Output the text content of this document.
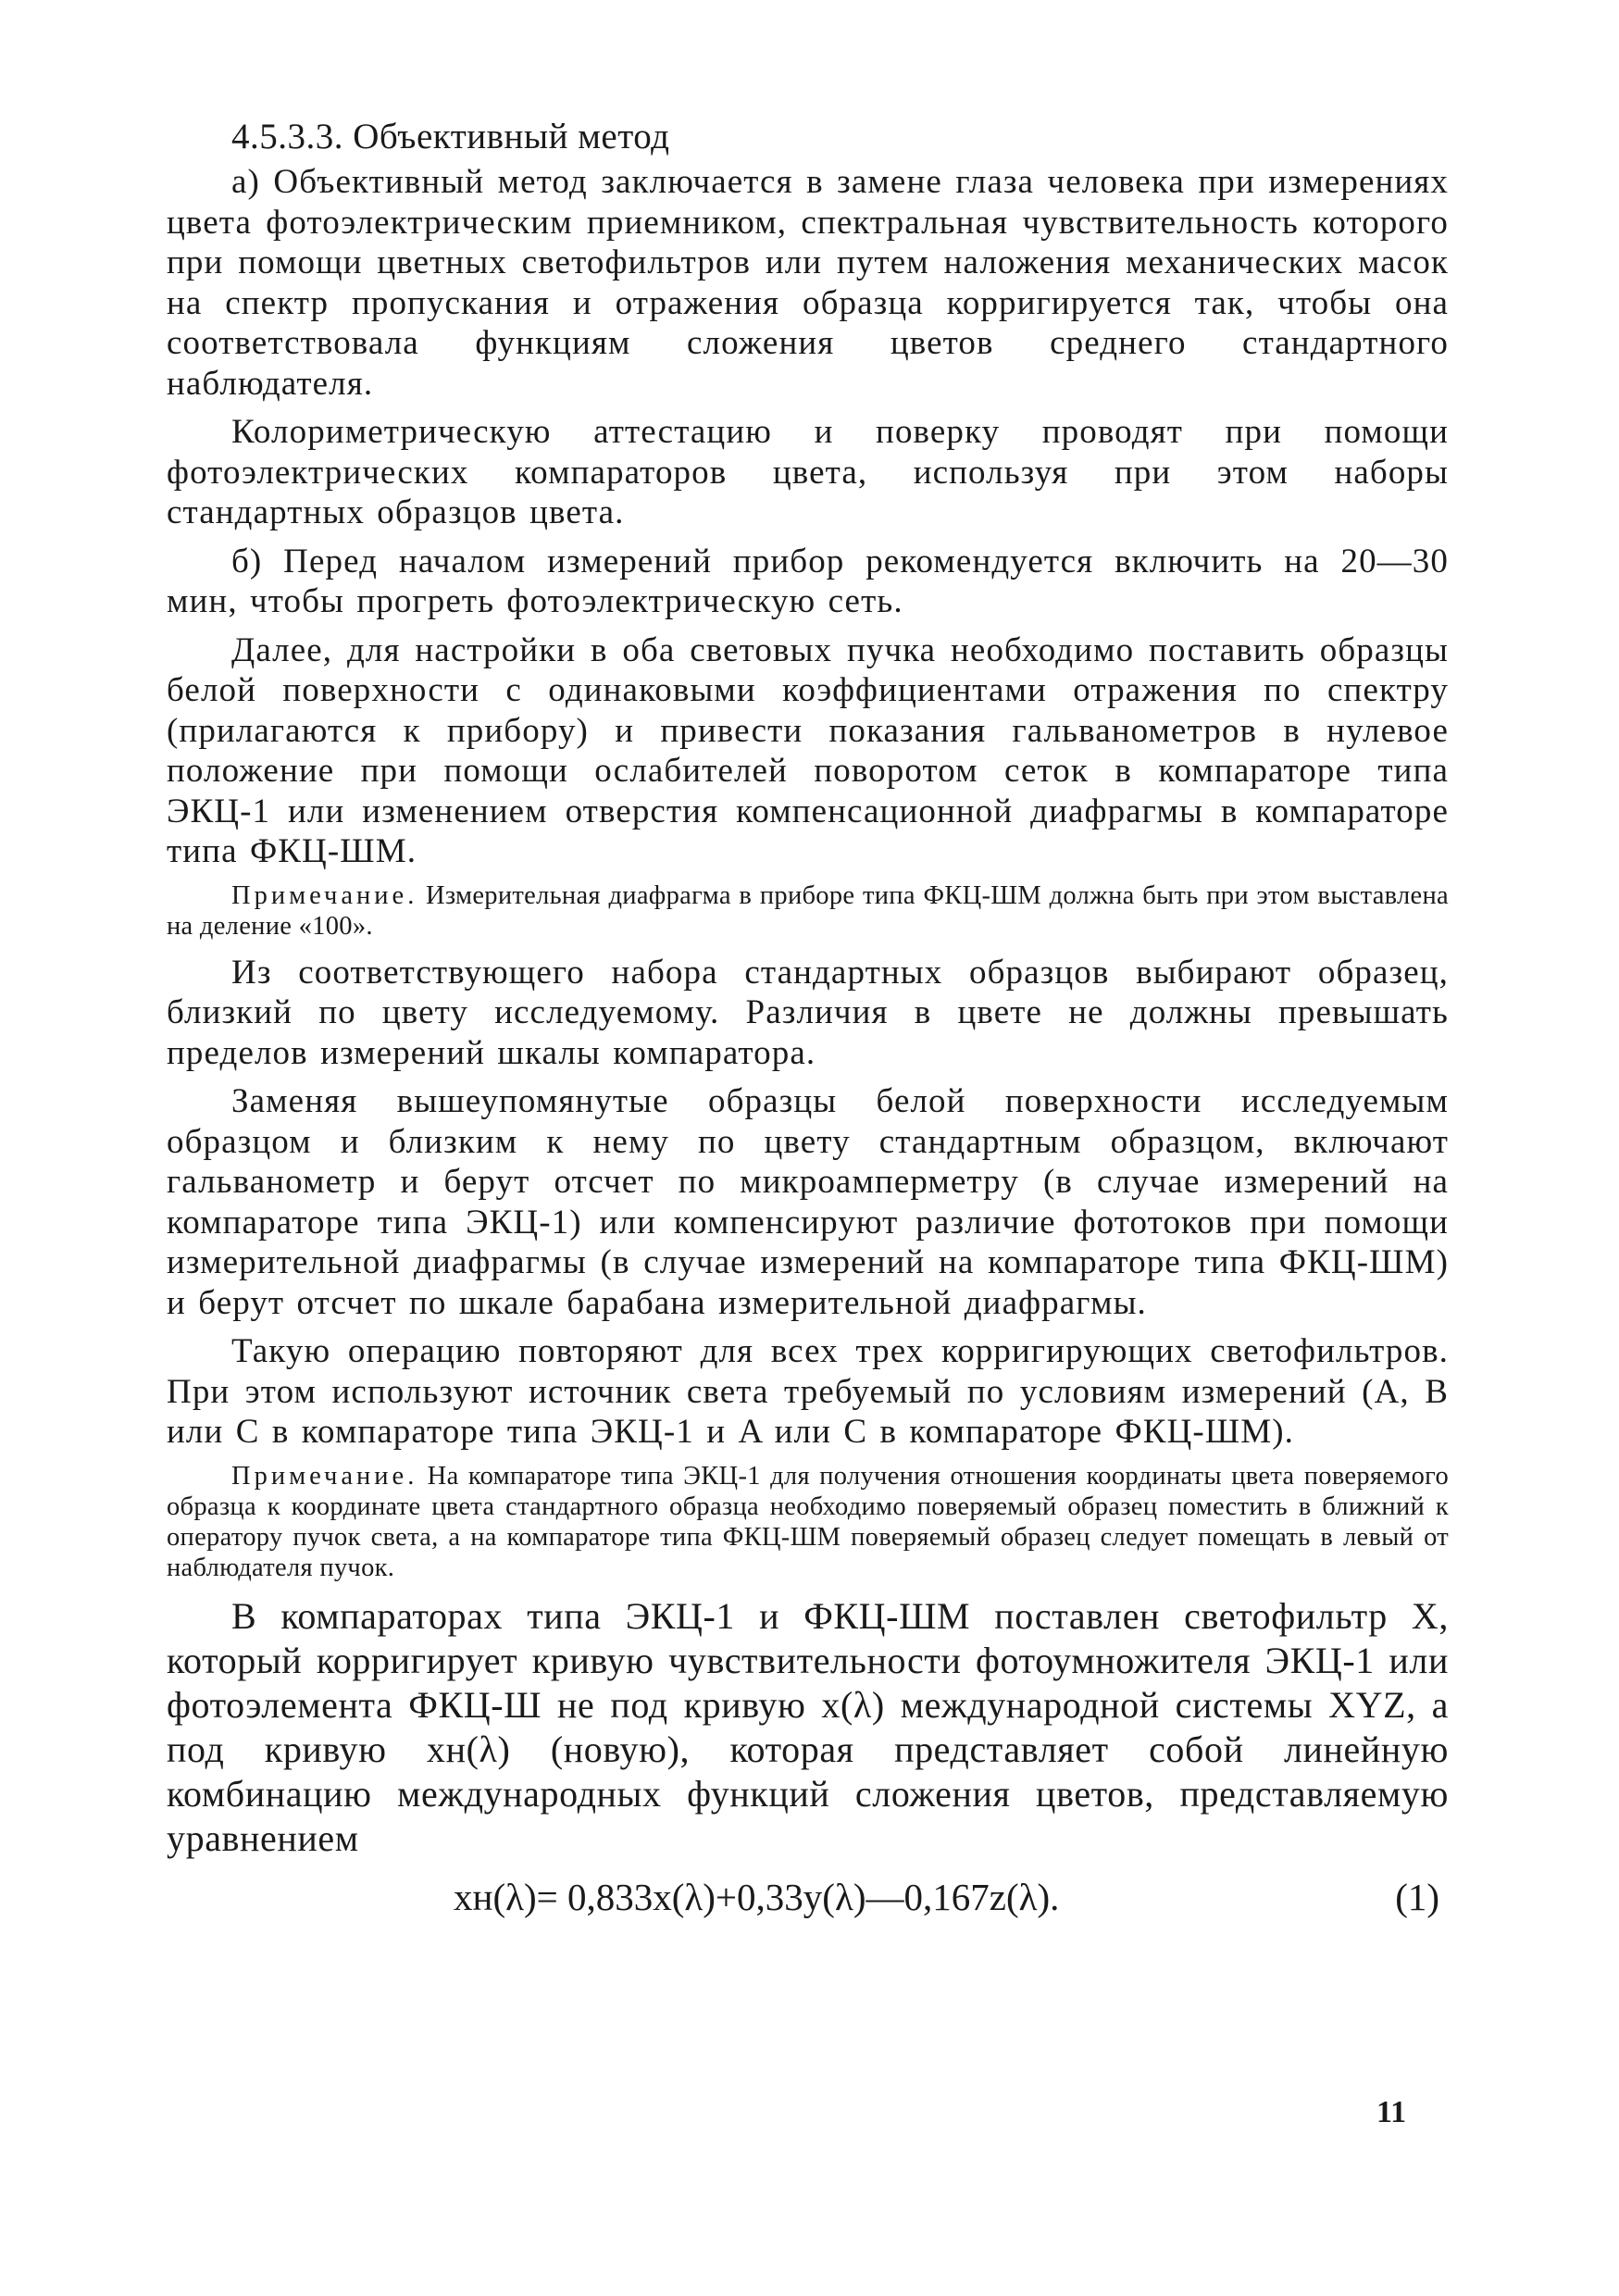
4.5.3.3. Объективный метод

а) Объективный метод заключается в замене глаза человека при измерениях цвета фотоэлектрическим приемником, спектральная чувствительность которого при помощи цветных светофильтров или путем наложения механических масок на спектр пропускания и отражения образца корригируется так, чтобы она соответствовала функциям сложения цветов среднего стандартного наблюдателя.

Колориметрическую аттестацию и поверку проводят при помощи фотоэлектрических компараторов цвета, используя при этом наборы стандартных образцов цвета.

б) Перед началом измерений прибор рекомендуется включить на 20—30 мин, чтобы прогреть фотоэлектрическую сеть.

Далее, для настройки в оба световых пучка необходимо поставить образцы белой поверхности с одинаковыми коэффициентами отражения по спектру (прилагаются к прибору) и привести показания гальванометров в нулевое положение при помощи ослабителей поворотом сеток в компараторе типа ЭКЦ-1 или изменением отверстия компенсационной диафрагмы в компараторе типа ФКЦ-ШМ.

Примечание. Измерительная диафрагма в приборе типа ФКЦ-ШМ должна быть при этом выставлена на деление «100».

Из соответствующего набора стандартных образцов выбирают образец, близкий по цвету исследуемому. Различия в цвете не должны превышать пределов измерений шкалы компаратора.

Заменяя вышеупомянутые образцы белой поверхности исследуемым образцом и близким к нему по цвету стандартным образцом, включают гальванометр и берут отсчет по микроамперметру (в случае измерений на компараторе типа ЭКЦ-1) или компенсируют различие фототоков при помощи измерительной диафрагмы (в случае измерений на компараторе типа ФКЦ-ШМ) и берут отсчет по шкале барабана измерительной диафрагмы.

Такую операцию повторяют для всех трех корригирующих светофильтров. При этом используют источник света требуемый по условиям измерений (A, B или C в компараторе типа ЭКЦ-1 и A или C в компараторе ФКЦ-ШМ).

Примечание. На компараторе типа ЭКЦ-1 для получения отношения координаты цвета поверяемого образца к координате цвета стандартного образца необходимо поверяемый образец поместить в ближний к оператору пучок света, а на компараторе типа ФКЦ-ШМ поверяемый образец следует помещать в левый от наблюдателя пучок.

В компараторах типа ЭКЦ-1 и ФКЦ-ШМ поставлен светофильтр X, который корригирует кривую чувствительности фотоумножителя ЭКЦ-1 или фотоэлемента ФКЦ-Ш не под кривую x(λ) международной системы XYZ, а под кривую xн(λ) (новую), которая представляет собой линейную комбинацию международных функций сложения цветов, представляемую уравнением

xн(λ)= 0,833x(λ)+0,33y(λ)—0,167z(λ).	(1)
11
